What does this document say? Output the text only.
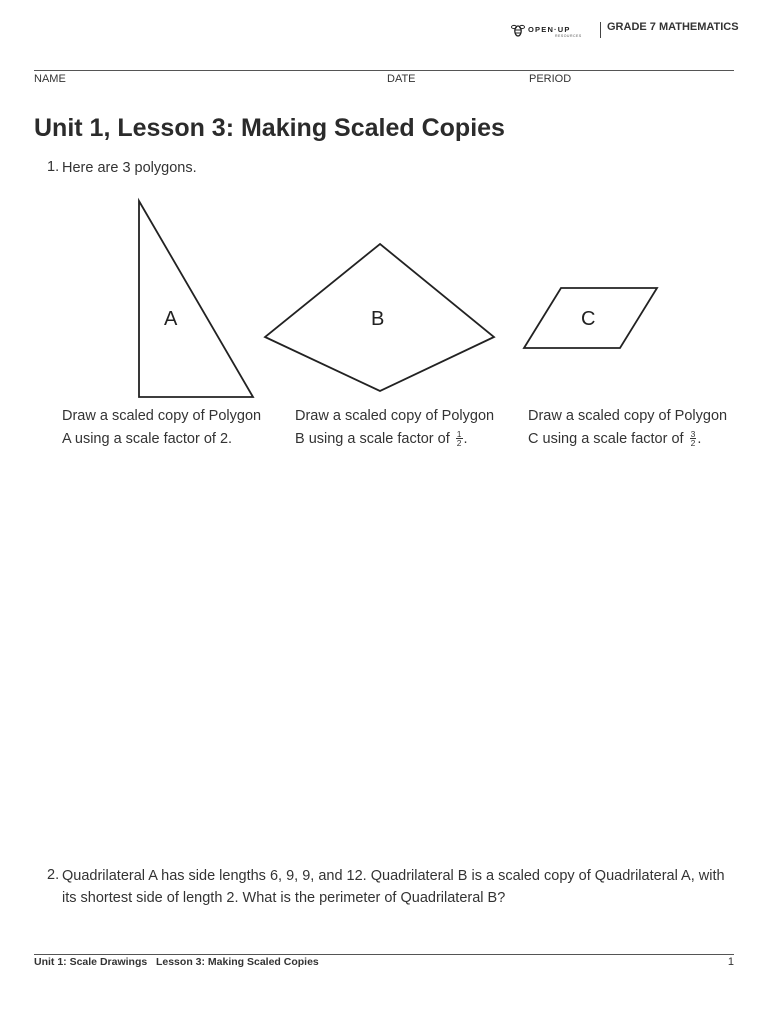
OPEN·UP
RESOURCES
GRADE 7 MATHEMATICS
NAME	DATE	PERIOD
Unit 1, Lesson 3: Making Scaled Copies
1. Here are 3 polygons.
A	B	C
Draw a scaled copy of Polygon
A using a scale factor of 2.
Draw a scaled copy of Polygon
B using a scale factor of $\frac{1}{2}$ .
Draw a scaled copy of Polygon
C using a scale factor of $\frac{3}{2}$ .
2. Quadrilateral A has side lengths 6, 9, 9, and 12. Quadrilateral B is a scaled copy of Quadrilateral A, with
its shortest side of length 2. What is the perimeter of Quadrilateral B?
Unit 1: Scale Drawings Lesson 3: Making Scaled Copies	1
